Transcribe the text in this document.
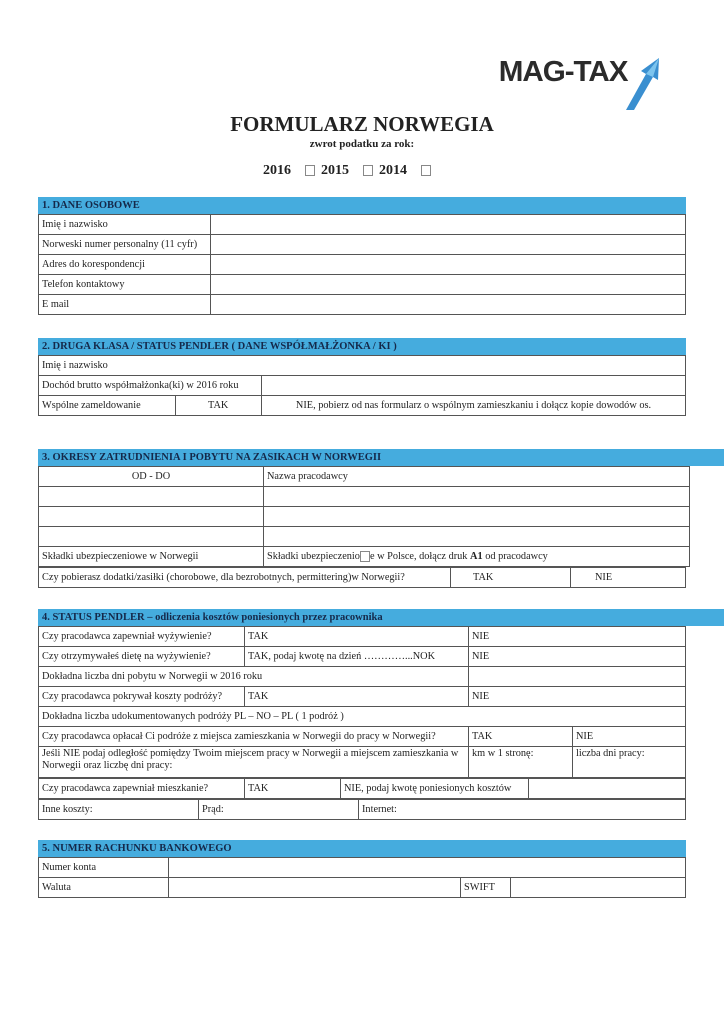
MAG-TAX
FORMULARZ NORWEGIA
zwrot podatku za rok:
2016	2015	2014
1. DANE OSOBOWE
Imię i nazwisko	
Norweski numer personalny (11 cyfr)	
Adres do korespondencji	
Telefon kontaktowy	
E mail	
2. DRUGA KLASA / STATUS PENDLER ( DANE WSPÓŁMAŁŻONKA / KI )
Imię i nazwisko		
Dochód brutto współmałżonka(ki) w 2016 roku		
Wspólne zameldowanie	TAK	NIE, pobierz od nas formularz o wspólnym zamieszkaniu i dołącz kopie dowodów os.
3. OKRESY ZATRUDNIENIA I POBYTU NA ZASIKACH W NORWEGII
OD - DO	Nazwa pracodawcy

Składki ubezpieczeniowe w Norwegii	Składki ubezpieczenio e w Polsce, dołącz druk A1 od pracodawcy
Czy pobierasz dodatki/zasiłki (chorobowe, dla bezrobotnych, permittering)w Norwegii?	TAK	NIE
4. STATUS PENDLER – odliczenia kosztów poniesionych przez pracownika
Czy pracodawca zapewniał wyżywienie?	TAK	NIE	
Czy otrzymywałeś dietę na wyżywienie?	TAK, podaj kwotę na dzień …………...NOK	NIE	
Dokładna liczba dni pobytu w Norwegii w 2016 roku			
Czy pracodawca pokrywał koszty podróży?	TAK	NIE	
Dokładna liczba udokumentowanych podróży PL – NO – PL ( 1 podróż )			
Czy pracodawca opłacał Ci podróże z miejsca zamieszkania w Norwegii do pracy w Norwegii?		TAK	NIE
Jeśli NIE podaj odległość pomiędzy Twoim miejscem pracy w Norwegii a miejscem zamieszkania w Norwegii oraz liczbę dni pracy:		km w 1 stronę:	liczba dni pracy:
Czy pracodawca zapewniał mieszkanie?	TAK	NIE, podaj kwotę poniesionych kosztów	
Inne koszty:	Prąd:	Internet:
5. NUMER RACHUNKU BANKOWEGO
Numer konta			
Waluta		SWIFT	
